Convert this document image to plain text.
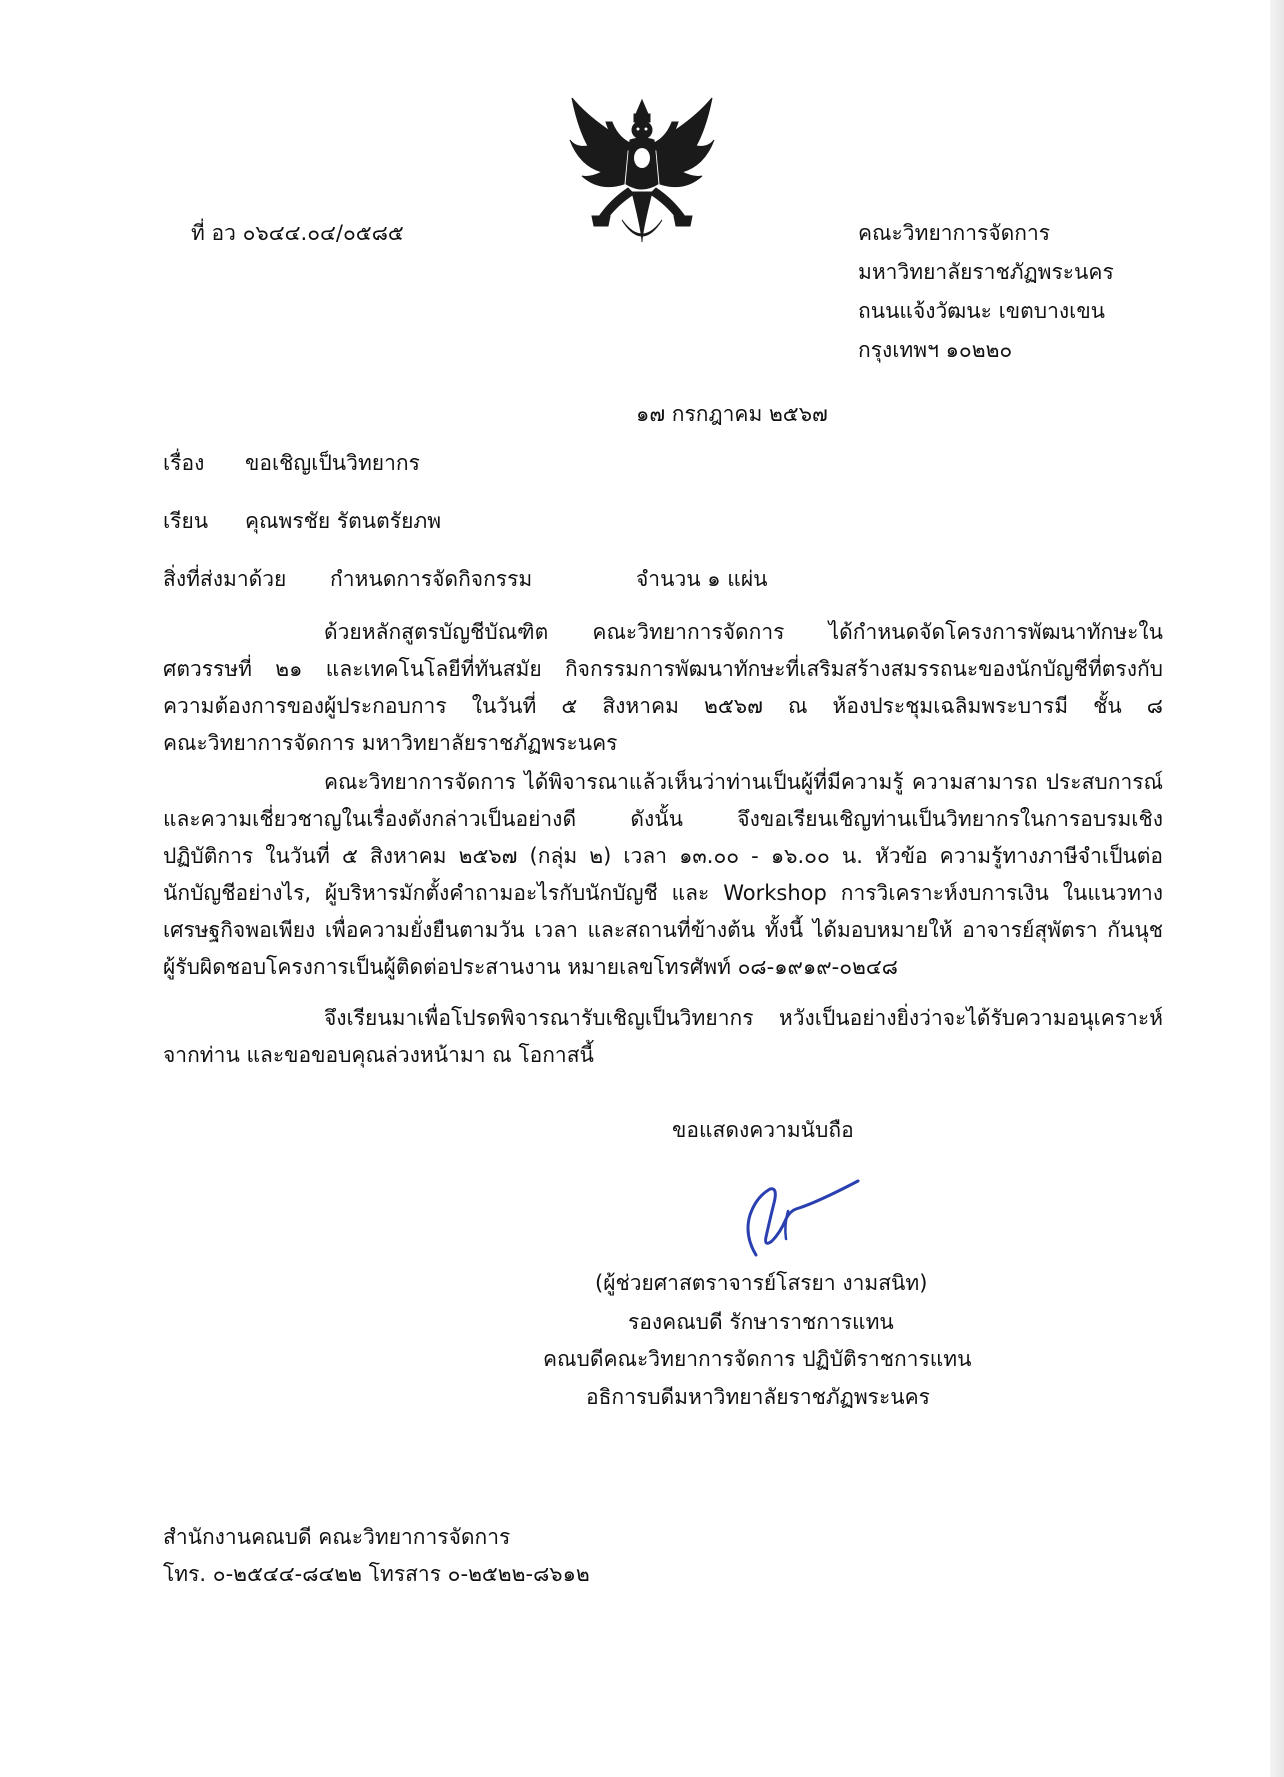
ที่ อว ๐๖๔๔.๐๔/๐๕๘๕	คณะวิทยาการจัดการ
มหาวิทยาลัยราชภัฏพระนคร
ถนนแจ้งวัฒนะ เขตบางเขน
กรุงเทพฯ ๑๐๒๒๐
๑๗ กรกฎาคม ๒๕๖๗
เรื่อง ขอเชิญเป็นวิทยากร
เรียน คุณพรชัย รัตนตรัยภพ
สิ่งที่ส่งมาด้วย กำหนดการจัดกิจกรรม	จำนวน ๑ แผ่น
ด้วยหลักสูตรบัญชีบัณฑิต คณะวิทยาการจัดการ ได้กำหนดจัดโครงการพัฒนาทักษะใน
ศตวรรษที่ ๒๑ และเทคโนโลยีที่ทันสมัย กิจกรรมการพัฒนาทักษะที่เสริมสร้างสมรรถนะของนักบัญชีที่ตรงกับ
ความต้องการของผู้ประกอบการ ในวันที่ ๕ สิงหาคม ๒๕๖๗ ณ ห้องประชุมเฉลิมพระบารมี ชั้น ๘
คณะวิทยาการจัดการ มหาวิทยาลัยราชภัฏพระนคร
คณะวิทยาการจัดการ ได้พิจารณาแล้วเห็นว่าท่านเป็นผู้ที่มีความรู้ ความสามารถ ประสบการณ์
และความเชี่ยวชาญในเรื่องดังกล่าวเป็นอย่างดี ดังนั้น จึงขอเรียนเชิญท่านเป็นวิทยากรในการอบรมเชิง
ปฏิบัติการ ในวันที่ ๕ สิงหาคม ๒๕๖๗ (กลุ่ม ๒) เวลา ๑๓.๐๐ - ๑๖.๐๐ น. หัวข้อ ความรู้ทางภาษีจำเป็นต่อ
นักบัญชีอย่างไร, ผู้บริหารมักตั้งคำถามอะไรกับนักบัญชี และ Workshop การวิเคราะห์งบการเงิน ในแนวทาง
เศรษฐกิจพอเพียง เพื่อความยั่งยืนตามวัน เวลา และสถานที่ข้างต้น ทั้งนี้ ได้มอบหมายให้ อาจารย์สุพัตรา กันนุช
ผู้รับผิดชอบโครงการเป็นผู้ติดต่อประสานงาน หมายเลขโทรศัพท์ ๐๘-๑๙๑๙-๐๒๔๘
จึงเรียนมาเพื่อโปรดพิจารณารับเชิญเป็นวิทยากร หวังเป็นอย่างยิ่งว่าจะได้รับความอนุเคราะห์
จากท่าน และขอขอบคุณล่วงหน้ามา ณ โอกาสนี้
ขอแสดงความนับถือ
(ผู้ช่วยศาสตราจารย์โสรยา งามสนิท)
รองคณบดี รักษาราชการแทน
คณบดีคณะวิทยาการจัดการ ปฏิบัติราชการแทน
อธิการบดีมหาวิทยาลัยราชภัฏพระนคร
สำนักงานคณบดี คณะวิทยาการจัดการ
โทร. ๐-๒๕๔๔-๘๔๒๒ โทรสาร ๐-๒๕๒๒-๘๖๑๒
